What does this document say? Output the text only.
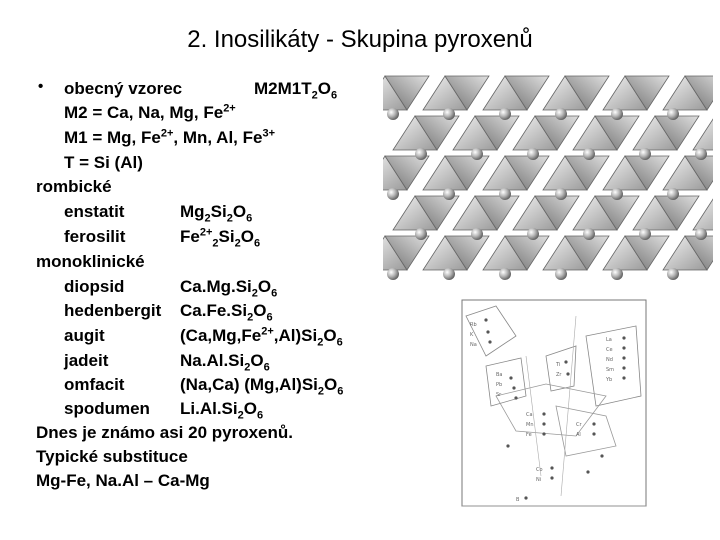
2. Inosilikáty - Skupina pyroxenů
• obecný vzorec	$M2M1T_2O_6$
M2 = Ca, Na, Mg, $Fe^{2+}$
M1 = Mg, $Fe^{2+}$, Mn, Al, $Fe^{3+}$
T = Si (Al)
rombické
enstatit	$Mg_2Si_2O_6$
ferosilit	$Fe^{2+}_2Si_2O_6$
monoklinické
diopsid	$Ca.Mg.Si_2O_6$
hedenbergit $Ca.Fe.Si_2O_6$
augit	$(Ca,Mg,Fe^{2+},Al)Si_2O_6$
jadeit	$Na.Al.Si_2O_6$
omfacit	(Na,Ca) $(Mg,Al)Si_2O_6$
spodumen $Li.Al.Si_2O_6$
Dnes je známo asi 20 pyroxenů.
Typické substituce
Mg-Fe, Na.Al – Ca-Mg
Rb
K
Na
Ba
Pb
Sr
Ti
Zr
La
Ce
Nd
Sm
Yb
Ca
Mn
Fe
Cr
Al
Co
Ni
B
